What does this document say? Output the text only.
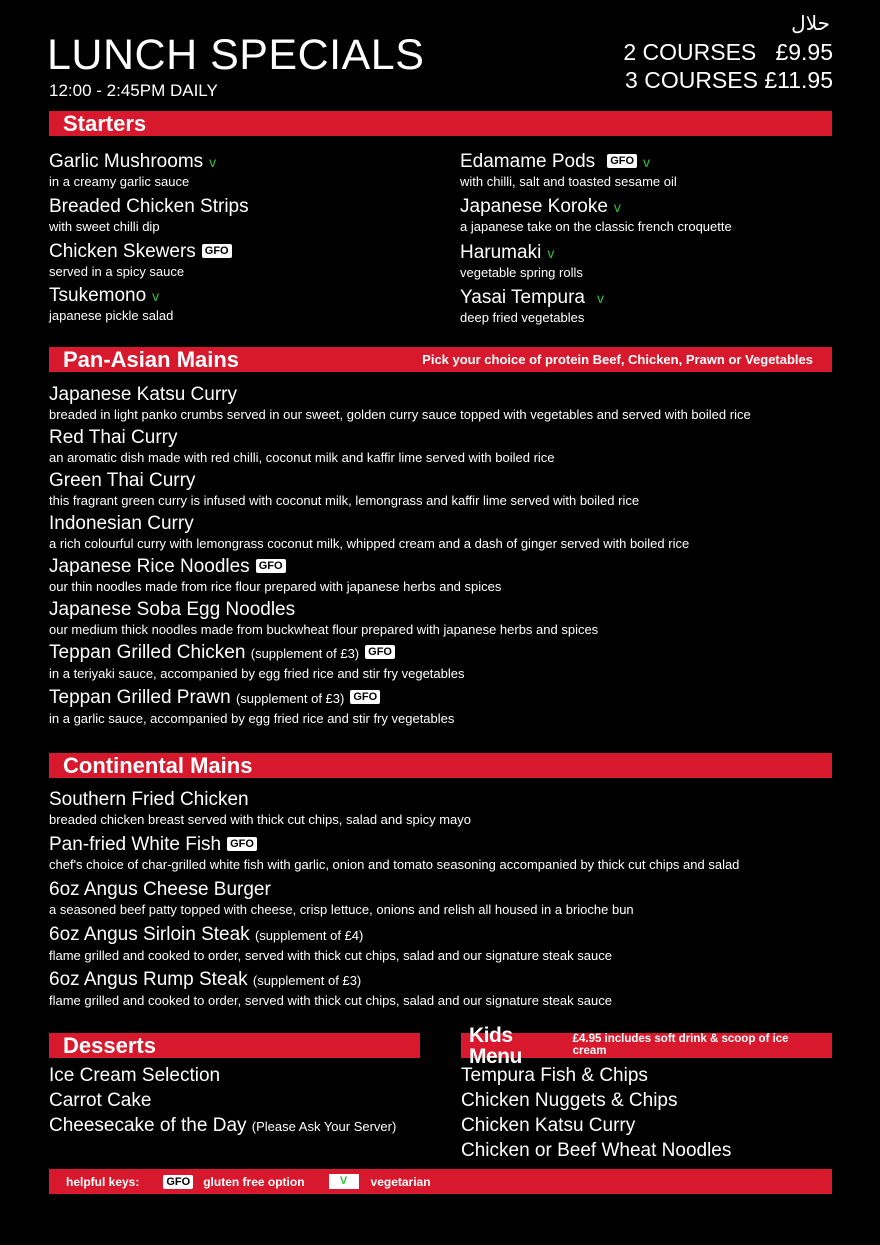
LUNCH SPECIALS
12:00 - 2:45PM DAILY
حلال
2 COURSES   £9.95
3 COURSES £11.95
Starters
Garlic Mushrooms v
in a creamy garlic sauce
Breaded Chicken Strips
with sweet chilli dip
Chicken Skewers GFO
served in a spicy sauce
Tsukemono v
japanese pickle salad
Edamame Pods GFO v
with chilli, salt and toasted sesame oil
Japanese Koroke v
a japanese take on the classic french croquette
Harumaki v
vegetable spring rolls
Yasai Tempura v
deep fried vegetables
Pan-Asian Mains	Pick your choice of protein Beef, Chicken, Prawn or Vegetables
Japanese Katsu Curry
breaded in light panko crumbs served in our sweet, golden curry sauce topped with vegetables and served with boiled rice
Red Thai Curry
an aromatic dish made with red chilli, coconut milk and kaffir lime served with boiled rice
Green Thai Curry
this fragrant green curry is infused with coconut milk, lemongrass and kaffir lime served with boiled rice
Indonesian Curry
a rich colourful curry with lemongrass coconut milk, whipped cream and a dash of ginger served with boiled rice
Japanese Rice Noodles GFO
our thin noodles made from rice flour prepared with japanese herbs and spices
Japanese Soba Egg Noodles
our medium thick noodles made from buckwheat flour prepared with japanese herbs and spices
Teppan Grilled Chicken (supplement of £3) GFO
in a teriyaki sauce, accompanied by egg fried rice and stir fry vegetables
Teppan Grilled Prawn (supplement of £3) GFO
in a garlic sauce, accompanied by egg fried rice and stir fry vegetables
Continental Mains
Southern Fried Chicken
breaded chicken breast served with thick cut chips, salad and spicy mayo
Pan-fried White Fish GFO
chef's choice of char-grilled white fish with garlic, onion and tomato seasoning accompanied by thick cut chips and salad
6oz Angus Cheese Burger
a seasoned beef patty topped with cheese, crisp lettuce, onions and relish all housed in a brioche bun
6oz Angus Sirloin Steak (supplement of £4)
flame grilled and cooked to order, served with thick cut chips, salad and our signature steak sauce
6oz Angus Rump Steak (supplement of £3)
flame grilled and cooked to order, served with thick cut chips, salad and our signature steak sauce
Desserts
Ice Cream Selection
Carrot Cake
Cheesecake of the Day (Please Ask Your Server)
Kids Menu
£4.95 includes soft drink & scoop of ice cream
Tempura Fish & Chips
Chicken Nuggets & Chips
Chicken Katsu Curry
Chicken or Beef Wheat Noodles
helpful keys: GFO gluten free option	V	vegetarian
